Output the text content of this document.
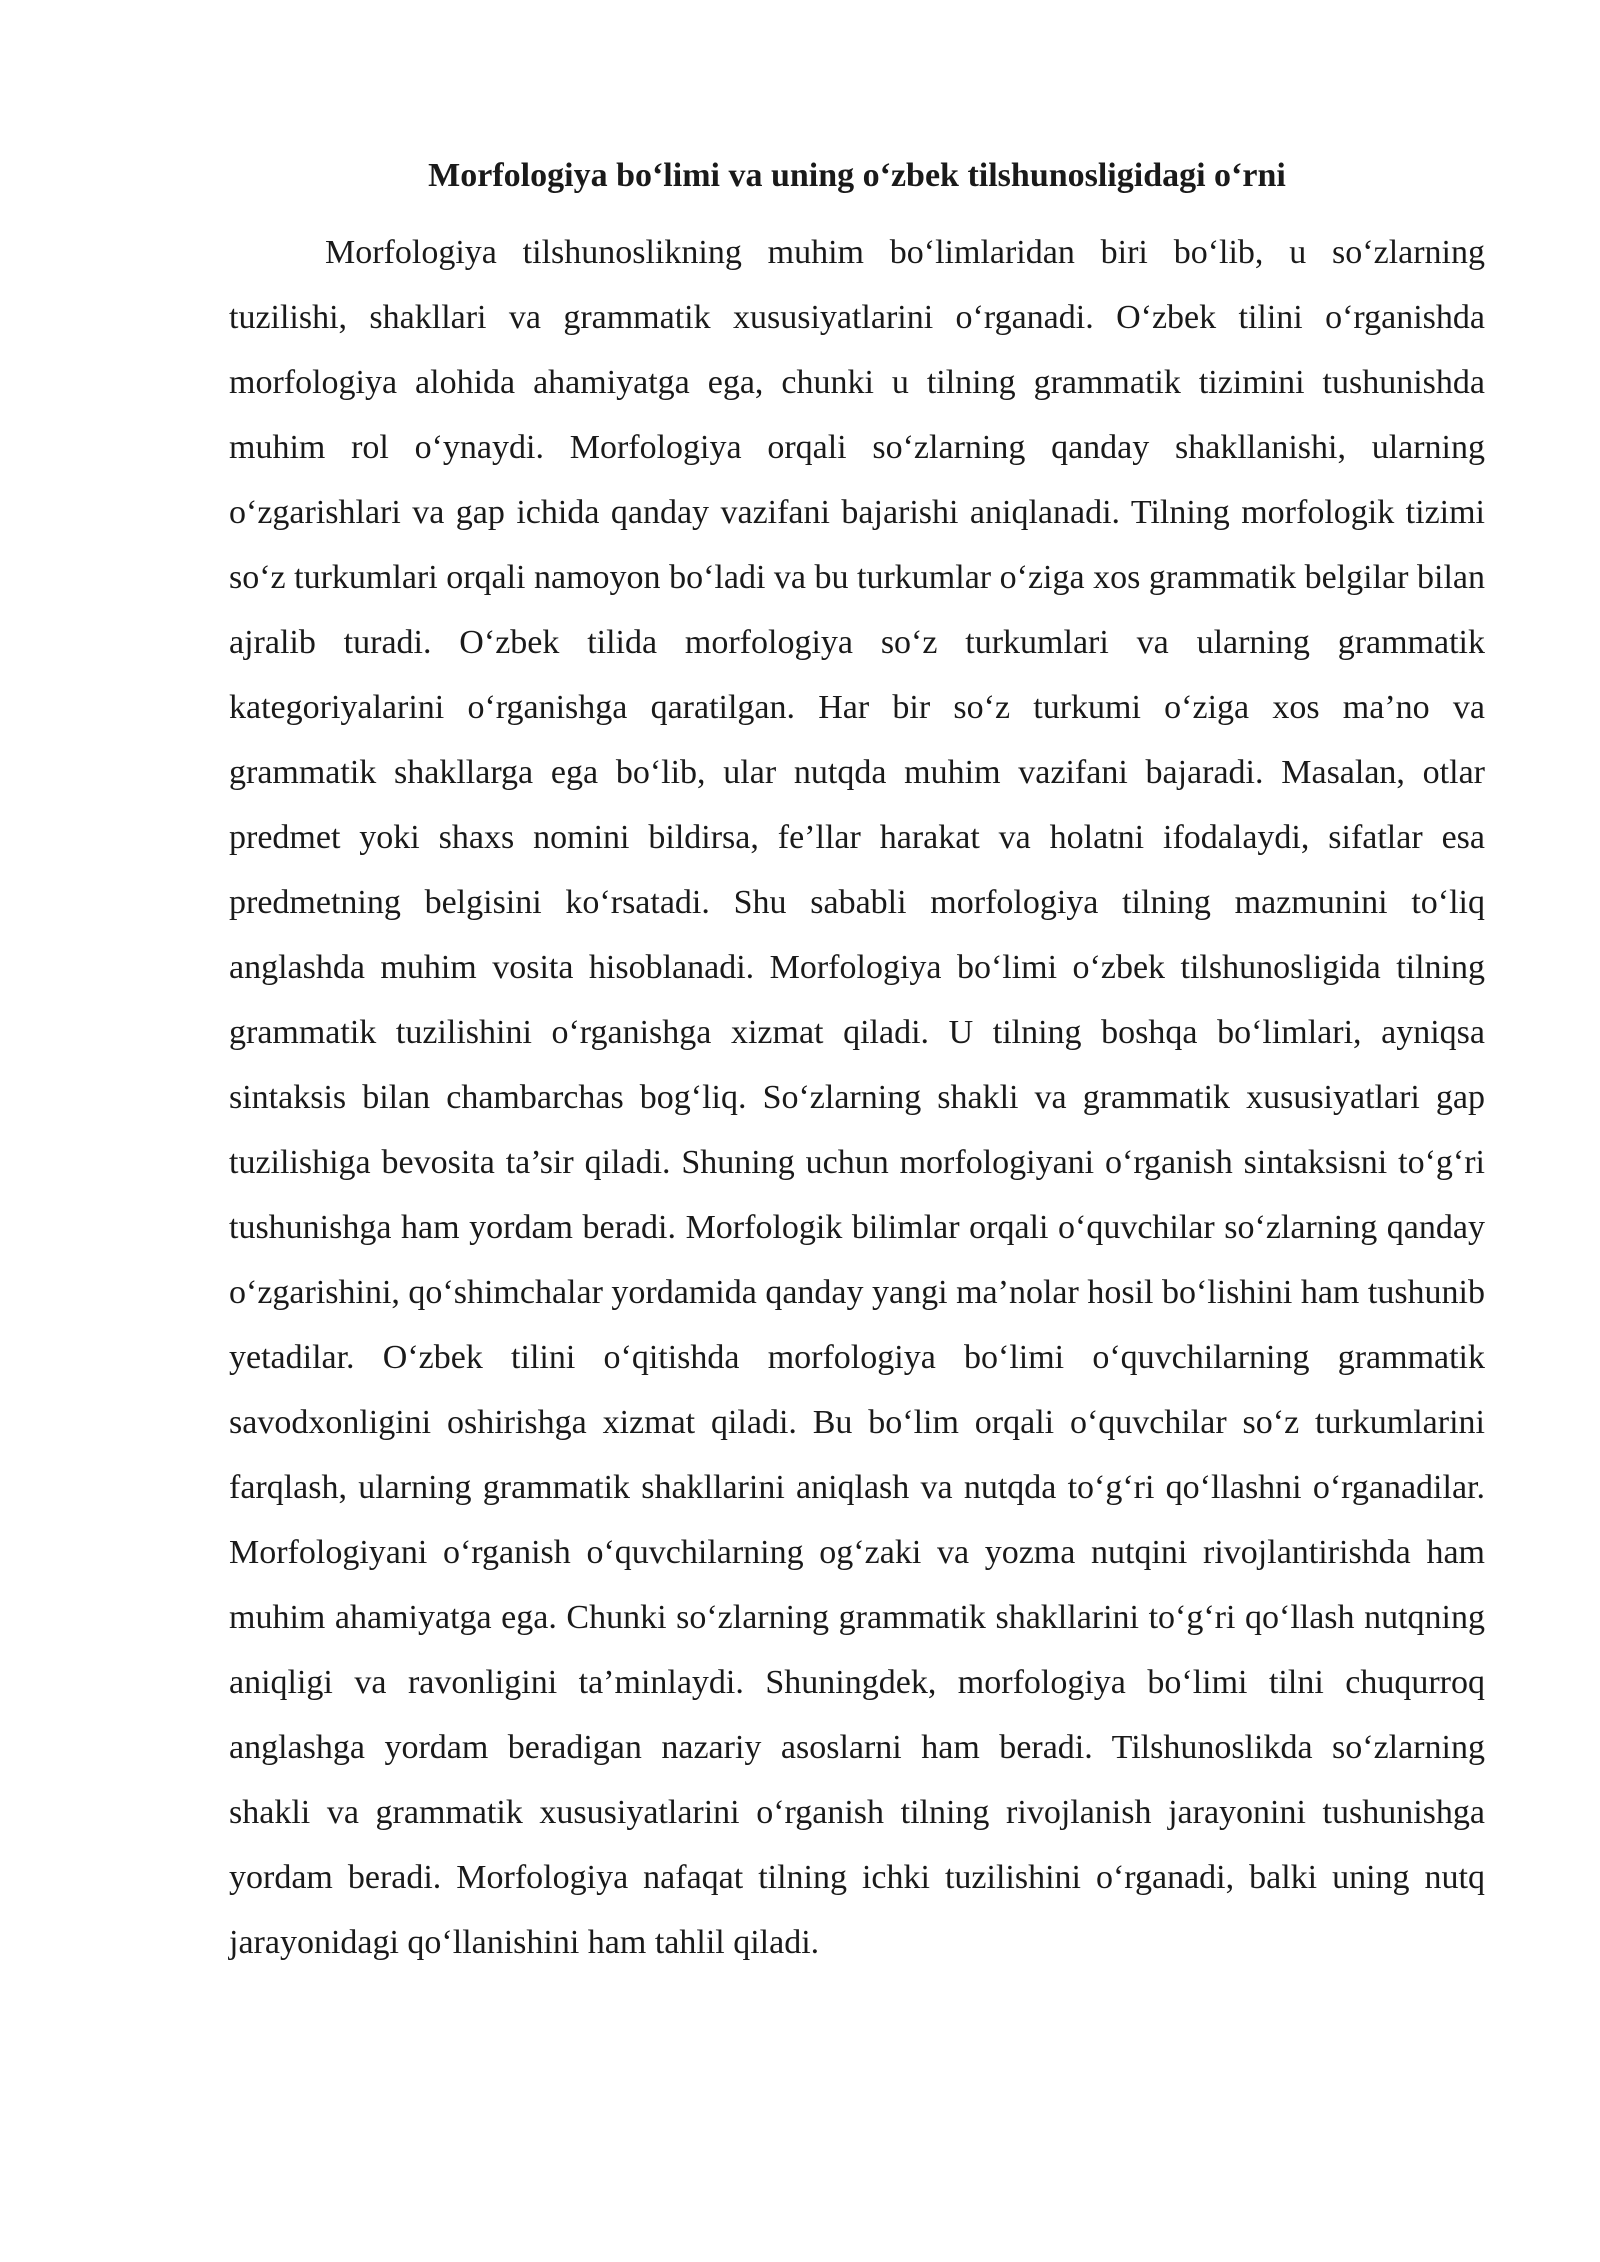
Morfologiya boʻlimi va uning oʻzbek tilshunosligidagi oʻrni

Morfologiya tilshunoslikning muhim boʻlimlaridan biri boʻlib, u soʻzlarning tuzilishi, shakllari va grammatik xususiyatlarini oʻrganadi. Oʻzbek tilini oʻrganishda morfologiya alohida ahamiyatga ega, chunki u tilning grammatik tizimini tushunishda muhim rol oʻynaydi. Morfologiya orqali soʻzlarning qanday shakllanishi, ularning oʻzgarishlari va gap ichida qanday vazifani bajarishi aniqlanadi. Tilning morfologik tizimi soʻz turkumlari orqali namoyon boʻladi va bu turkumlar oʻziga xos grammatik belgilar bilan ajralib turadi. Oʻzbek tilida morfologiya soʻz turkumlari va ularning grammatik kategoriyalarini oʻrganishga qaratilgan. Har bir soʻz turkumi oʻziga xos ma’no va grammatik shakllarga ega boʻlib, ular nutqda muhim vazifani bajaradi. Masalan, otlar predmet yoki shaxs nomini bildirsa, fe’llar harakat va holatni ifodalaydi, sifatlar esa predmetning belgisini koʻrsatadi. Shu sababli morfologiya tilning mazmunini toʻliq anglashda muhim vosita hisoblanadi. Morfologiya boʻlimi oʻzbek tilshunosligida tilning grammatik tuzilishini oʻrganishga xizmat qiladi. U tilning boshqa boʻlimlari, ayniqsa sintaksis bilan chambarchas bogʻliq. Soʻzlarning shakli va grammatik xususiyatlari gap tuzilishiga bevosita ta’sir qiladi. Shuning uchun morfologiyani oʻrganish sintaksisni toʻgʻri tushunishga ham yordam beradi. Morfologik bilimlar orqali oʻquvchilar soʻzlarning qanday oʻzgarishini, qoʻshimchalar yordamida qanday yangi ma’nolar hosil boʻlishini ham tushunib yetadilar. Oʻzbek tilini oʻqitishda morfologiya boʻlimi oʻquvchilarning grammatik savodxonligini oshirishga xizmat qiladi. Bu boʻlim orqali oʻquvchilar soʻz turkumlarini farqlash, ularning grammatik shakllarini aniqlash va nutqda toʻgʻri qoʻllashni oʻrganadilar. Morfologiyani oʻrganish oʻquvchilarning ogʻzaki va yozma nutqini rivojlantirishda ham muhim ahamiyatga ega. Chunki soʻzlarning grammatik shakllarini toʻgʻri qoʻllash nutqning aniqligi va ravonligini ta’minlaydi. Shuningdek, morfologiya boʻlimi tilni chuqurroq anglashga yordam beradigan nazariy asoslarni ham beradi. Tilshunoslikda soʻzlarning shakli va grammatik xususiyatlarini oʻrganish tilning rivojlanish jarayonini tushunishga yordam beradi. Morfologiya nafaqat tilning ichki tuzilishini oʻrganadi, balki uning nutq jarayonidagi qoʻllanishini ham tahlil qiladi.
